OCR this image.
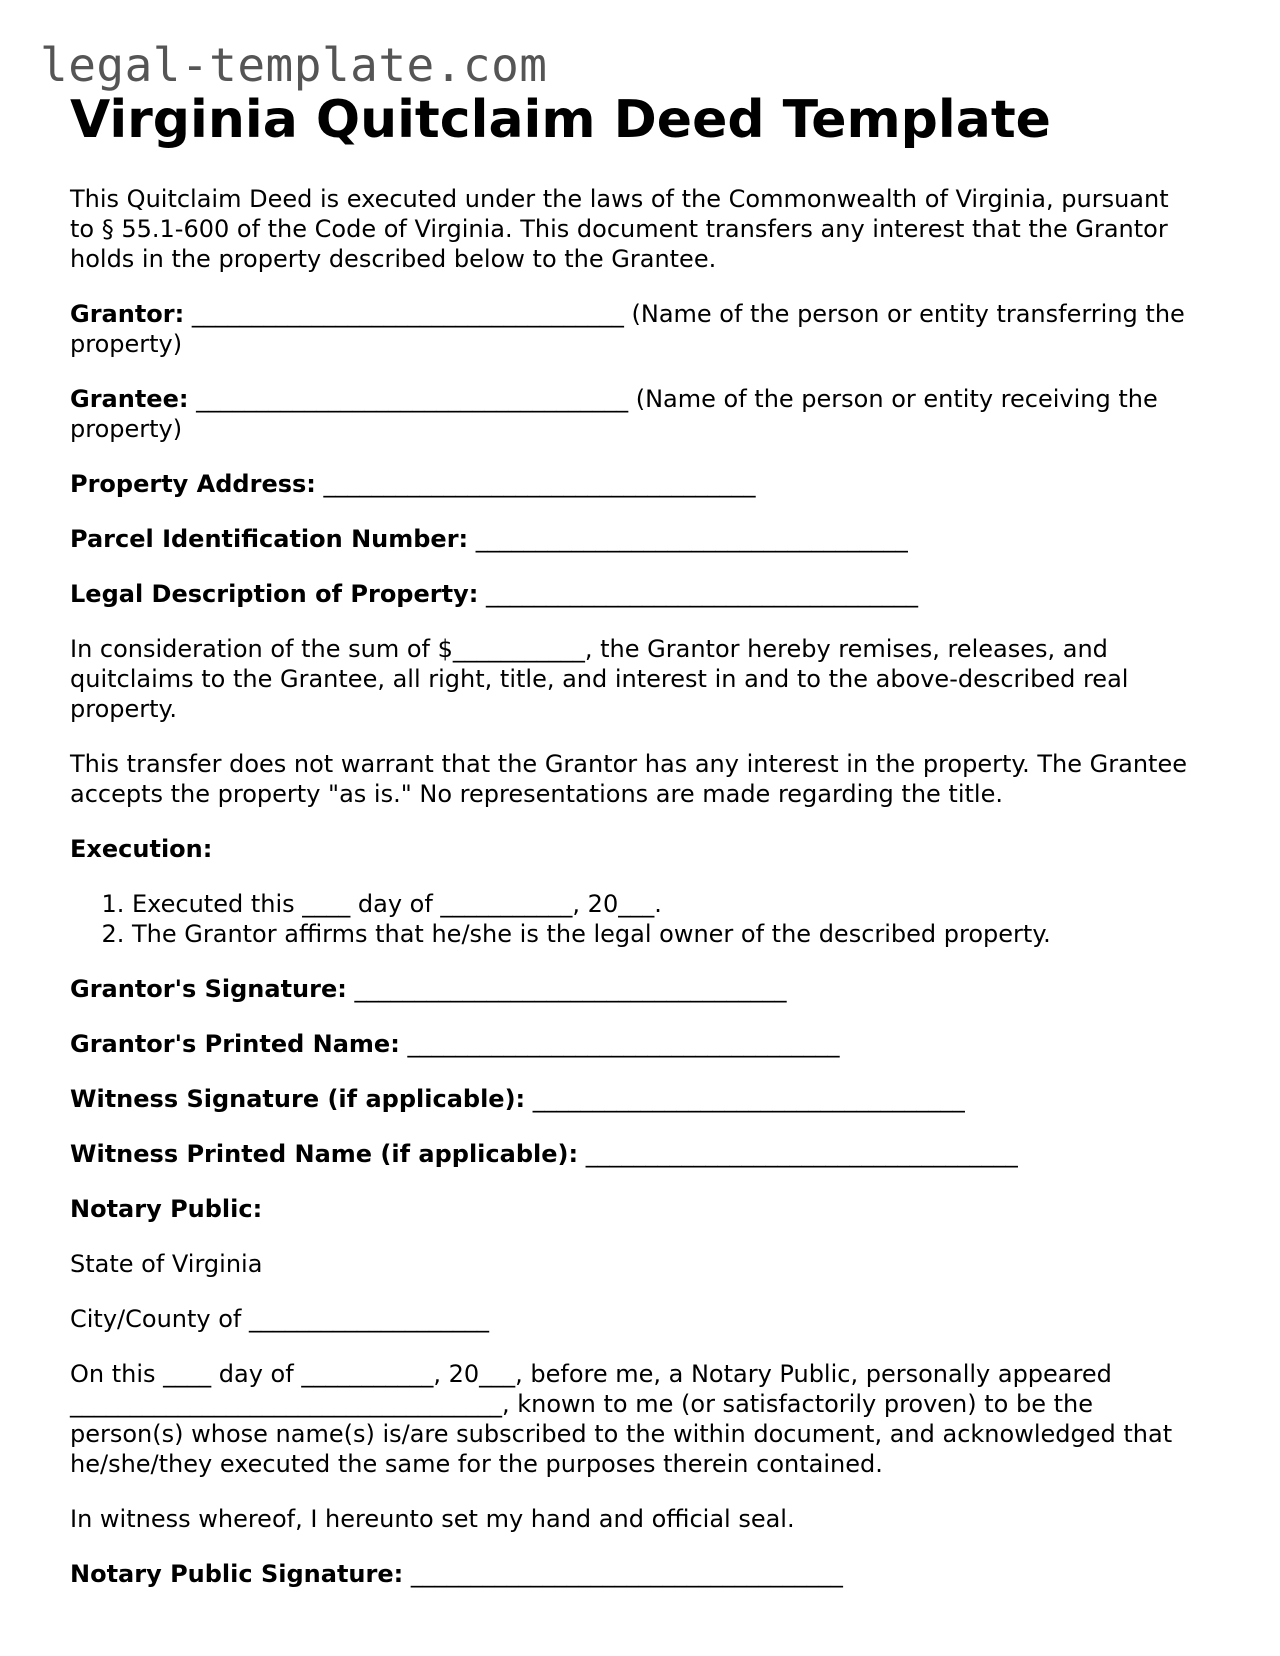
legal-template.com
Virginia Quitclaim Deed Template

This Quitclaim Deed is executed under the laws of the Commonwealth of Virginia, pursuant to § 55.1-600 of the Code of Virginia. This document transfers any interest that the Grantor holds in the property described below to the Grantee.

Grantor: ____________________________________ (Name of the person or entity transferring the property)

Grantee: ____________________________________ (Name of the person or entity receiving the property)

Property Address: ____________________________________

Parcel Identification Number: ____________________________________

Legal Description of Property: ____________________________________

In consideration of the sum of $___________, the Grantor hereby remises, releases, and quitclaims to the Grantee, all right, title, and interest in and to the above-described real property.

This transfer does not warrant that the Grantor has any interest in the property. The Grantee accepts the property "as is." No representations are made regarding the title.

Execution:

1. Executed this ____ day of ___________, 20___.
2. The Grantor affirms that he/she is the legal owner of the described property.

Grantor's Signature: ____________________________________

Grantor's Printed Name: ____________________________________

Witness Signature (if applicable): ____________________________________

Witness Printed Name (if applicable): ____________________________________

Notary Public:

State of Virginia

City/County of ____________________

On this ____ day of ___________, 20___, before me, a Notary Public, personally appeared ____________________________________, known to me (or satisfactorily proven) to be the person(s) whose name(s) is/are subscribed to the within document, and acknowledged that he/she/they executed the same for the purposes therein contained.

In witness whereof, I hereunto set my hand and official seal.

Notary Public Signature: ____________________________________
